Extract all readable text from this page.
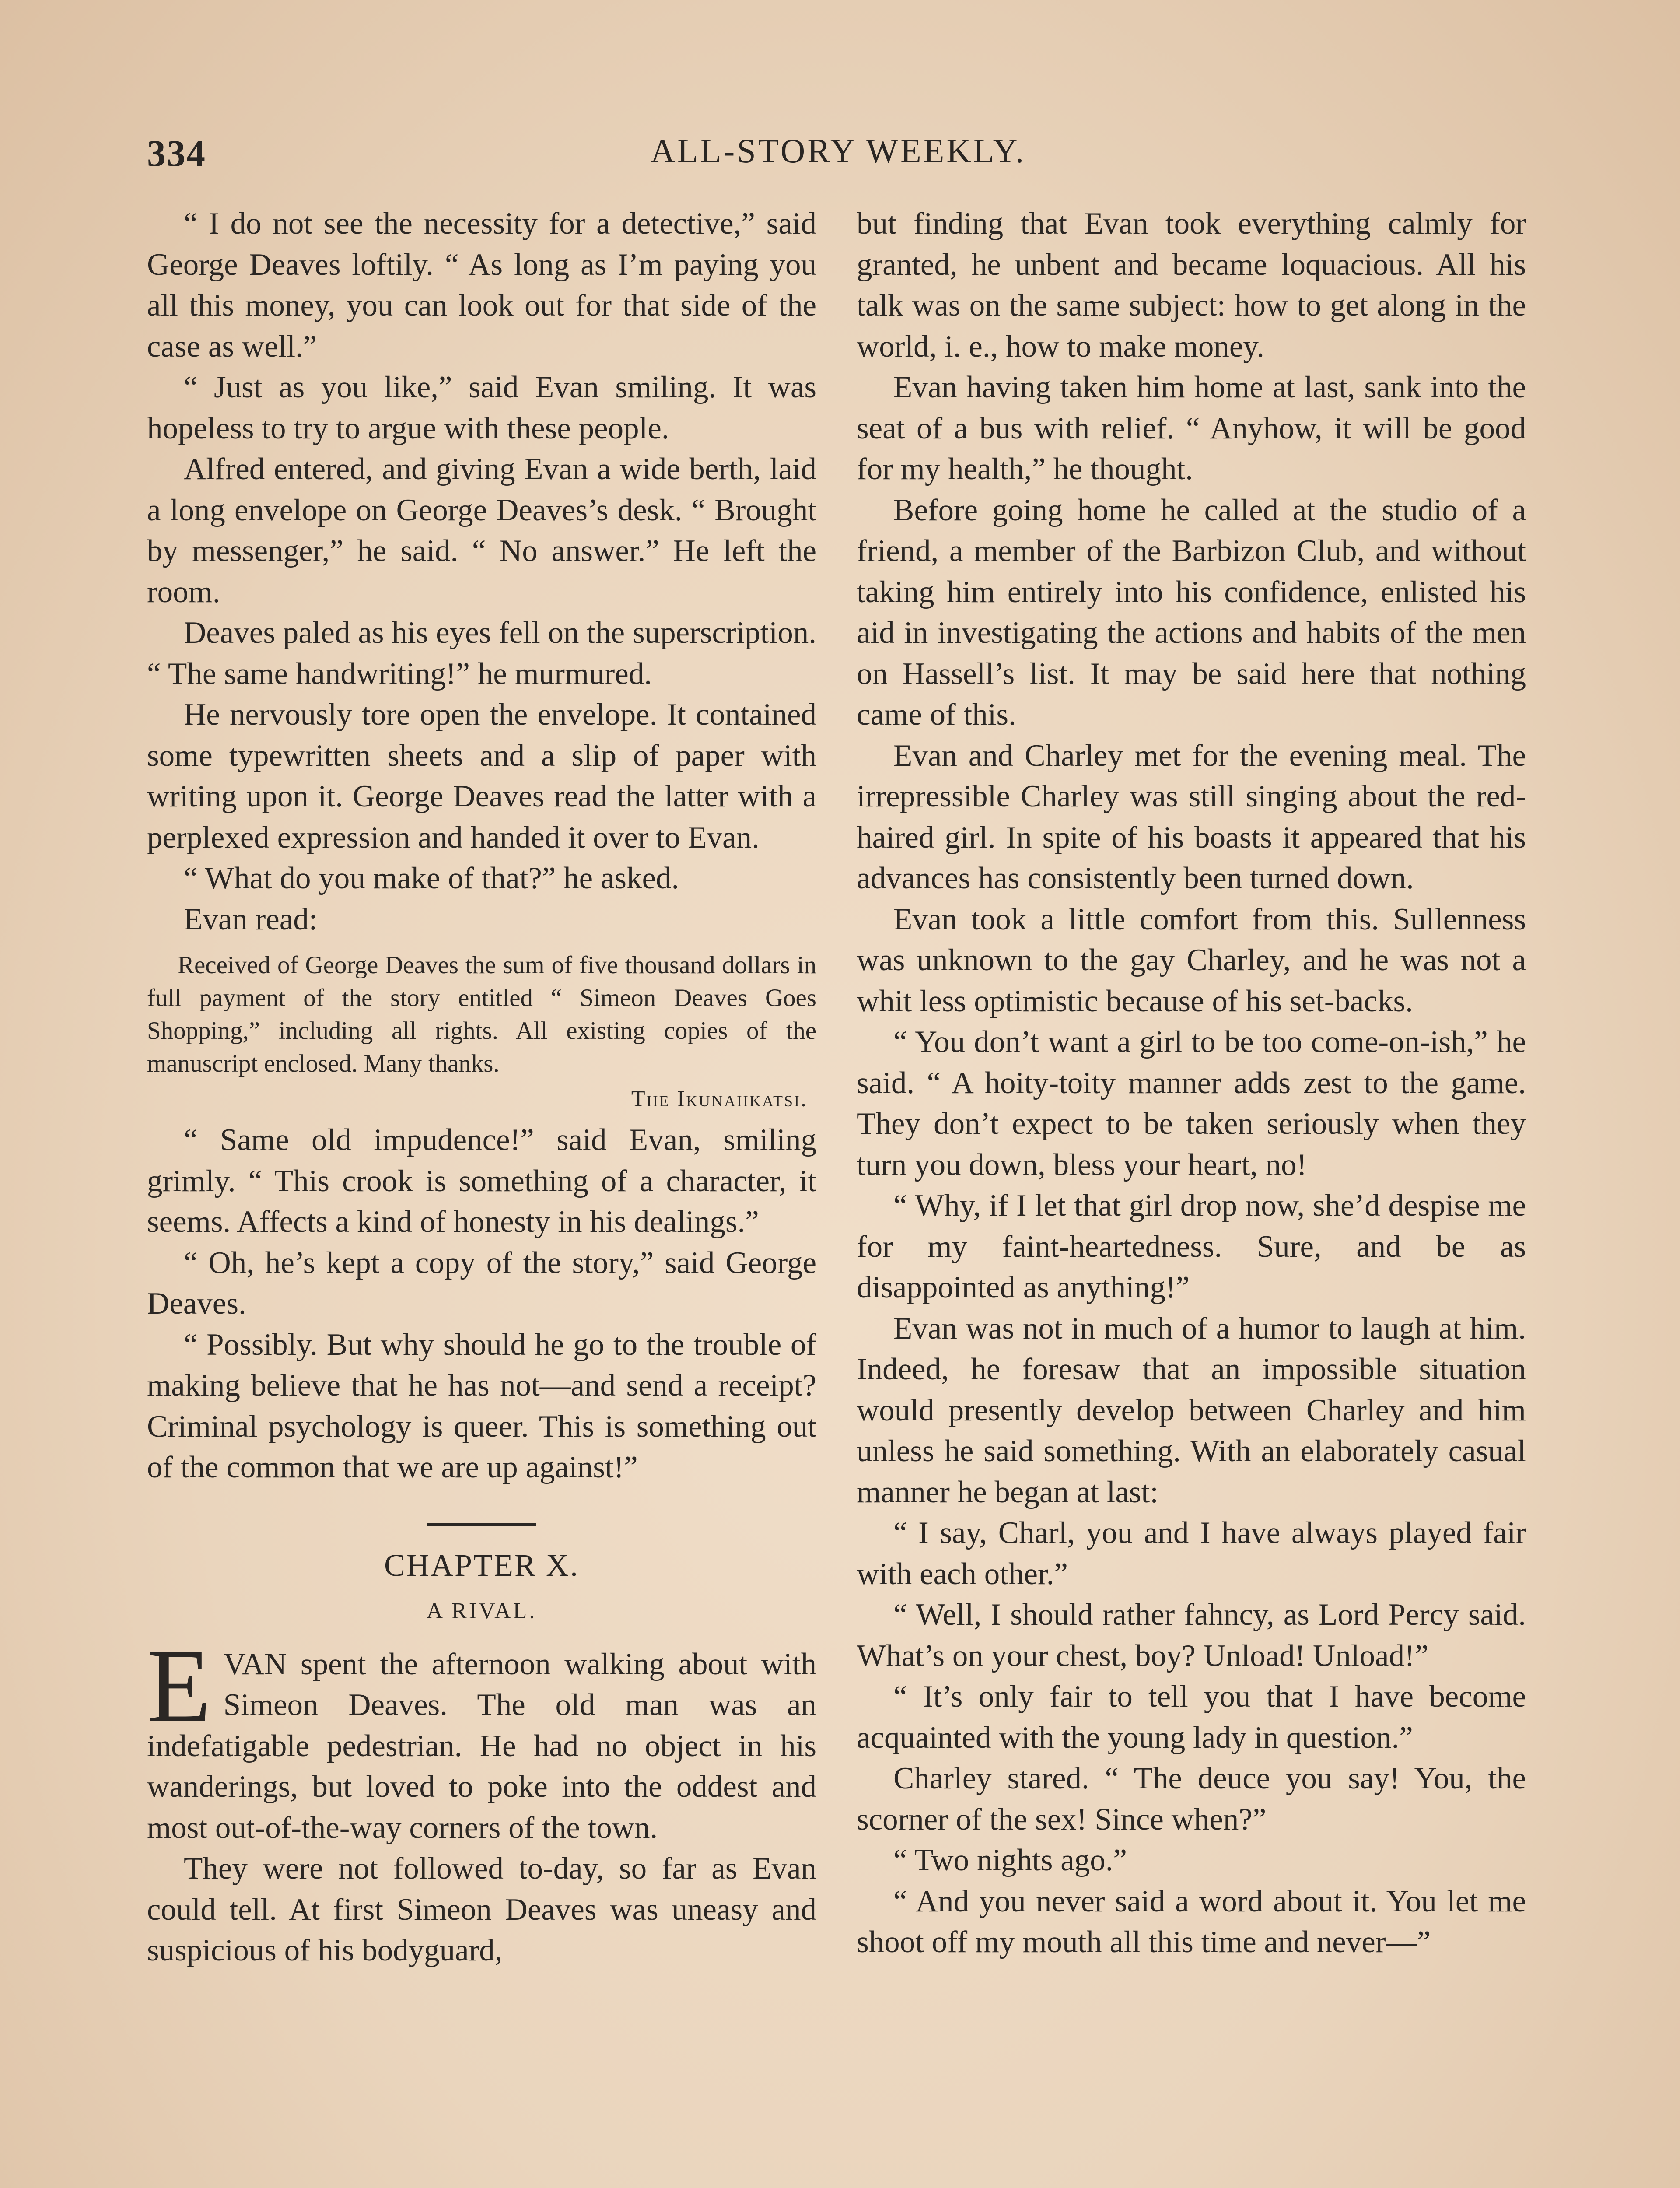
334	ALL-STORY WEEKLY.

“ I do not see the necessity for a detective,” said George Deaves loftily. “ As long as I’m paying you all this money, you can look out for that side of the case as well.”

“ Just as you like,” said Evan smiling. It was hopeless to try to argue with these people.

Alfred entered, and giving Evan a wide berth, laid a long envelope on George Deaves’s desk. “ Brought by messenger,” he said. “ No answer.” He left the room.

Deaves paled as his eyes fell on the superscription. “ The same handwriting!” he murmured.

He nervously tore open the envelope. It contained some typewritten sheets and a slip of paper with writing upon it. George Deaves read the latter with a perplexed expression and handed it over to Evan.

“ What do you make of that?” he asked.

Evan read:

Received of George Deaves the sum of five thousand dollars in full payment of the story entitled “ Simeon Deaves Goes Shopping,” including all rights. All existing copies of the manuscript enclosed. Many thanks.

The Ikunahkatsi.

“ Same old impudence!” said Evan, smiling grimly. “ This crook is something of a character, it seems. Affects a kind of honesty in his dealings.”

“ Oh, he’s kept a copy of the story,” said George Deaves.

“ Possibly. But why should he go to the trouble of making believe that he has not—and send a receipt? Criminal psychology is queer. This is something out of the common that we are up against!”

CHAPTER X.
A RIVAL.

EVAN spent the afternoon walking about with Simeon Deaves. The old man was an indefatigable pedestrian. He had no object in his wanderings, but loved to poke into the oddest and most out-of-the-way corners of the town.

They were not followed to-day, so far as Evan could tell. At first Simeon Deaves was uneasy and suspicious of his bodyguard,

but finding that Evan took everything calmly for granted, he unbent and became loquacious. All his talk was on the same subject: how to get along in the world, i. e., how to make money.

Evan having taken him home at last, sank into the seat of a bus with relief. “ Anyhow, it will be good for my health,” he thought.

Before going home he called at the studio of a friend, a member of the Barbizon Club, and without taking him entirely into his confidence, enlisted his aid in investigating the actions and habits of the men on Hassell’s list. It may be said here that nothing came of this.

Evan and Charley met for the evening meal. The irrepressible Charley was still singing about the red-haired girl. In spite of his boasts it appeared that his advances has consistently been turned down.

Evan took a little comfort from this. Sullenness was unknown to the gay Charley, and he was not a whit less optimistic because of his set-backs.

“ You don’t want a girl to be too come-on-ish,” he said. “ A hoity-toity manner adds zest to the game. They don’t expect to be taken seriously when they turn you down, bless your heart, no!

“ Why, if I let that girl drop now, she’d despise me for my faint-heartedness. Sure, and be as disappointed as anything!”

Evan was not in much of a humor to laugh at him. Indeed, he foresaw that an impossible situation would presently develop between Charley and him unless he said something. With an elaborately casual manner he began at last:

“ I say, Charl, you and I have always played fair with each other.”

“ Well, I should rather fahncy, as Lord Percy said. What’s on your chest, boy? Unload! Unload!”

“ It’s only fair to tell you that I have become acquainted with the young lady in question.”

Charley stared. “ The deuce you say! You, the scorner of the sex! Since when?”

“ Two nights ago.”

“ And you never said a word about it. You let me shoot off my mouth all this time and never—”
